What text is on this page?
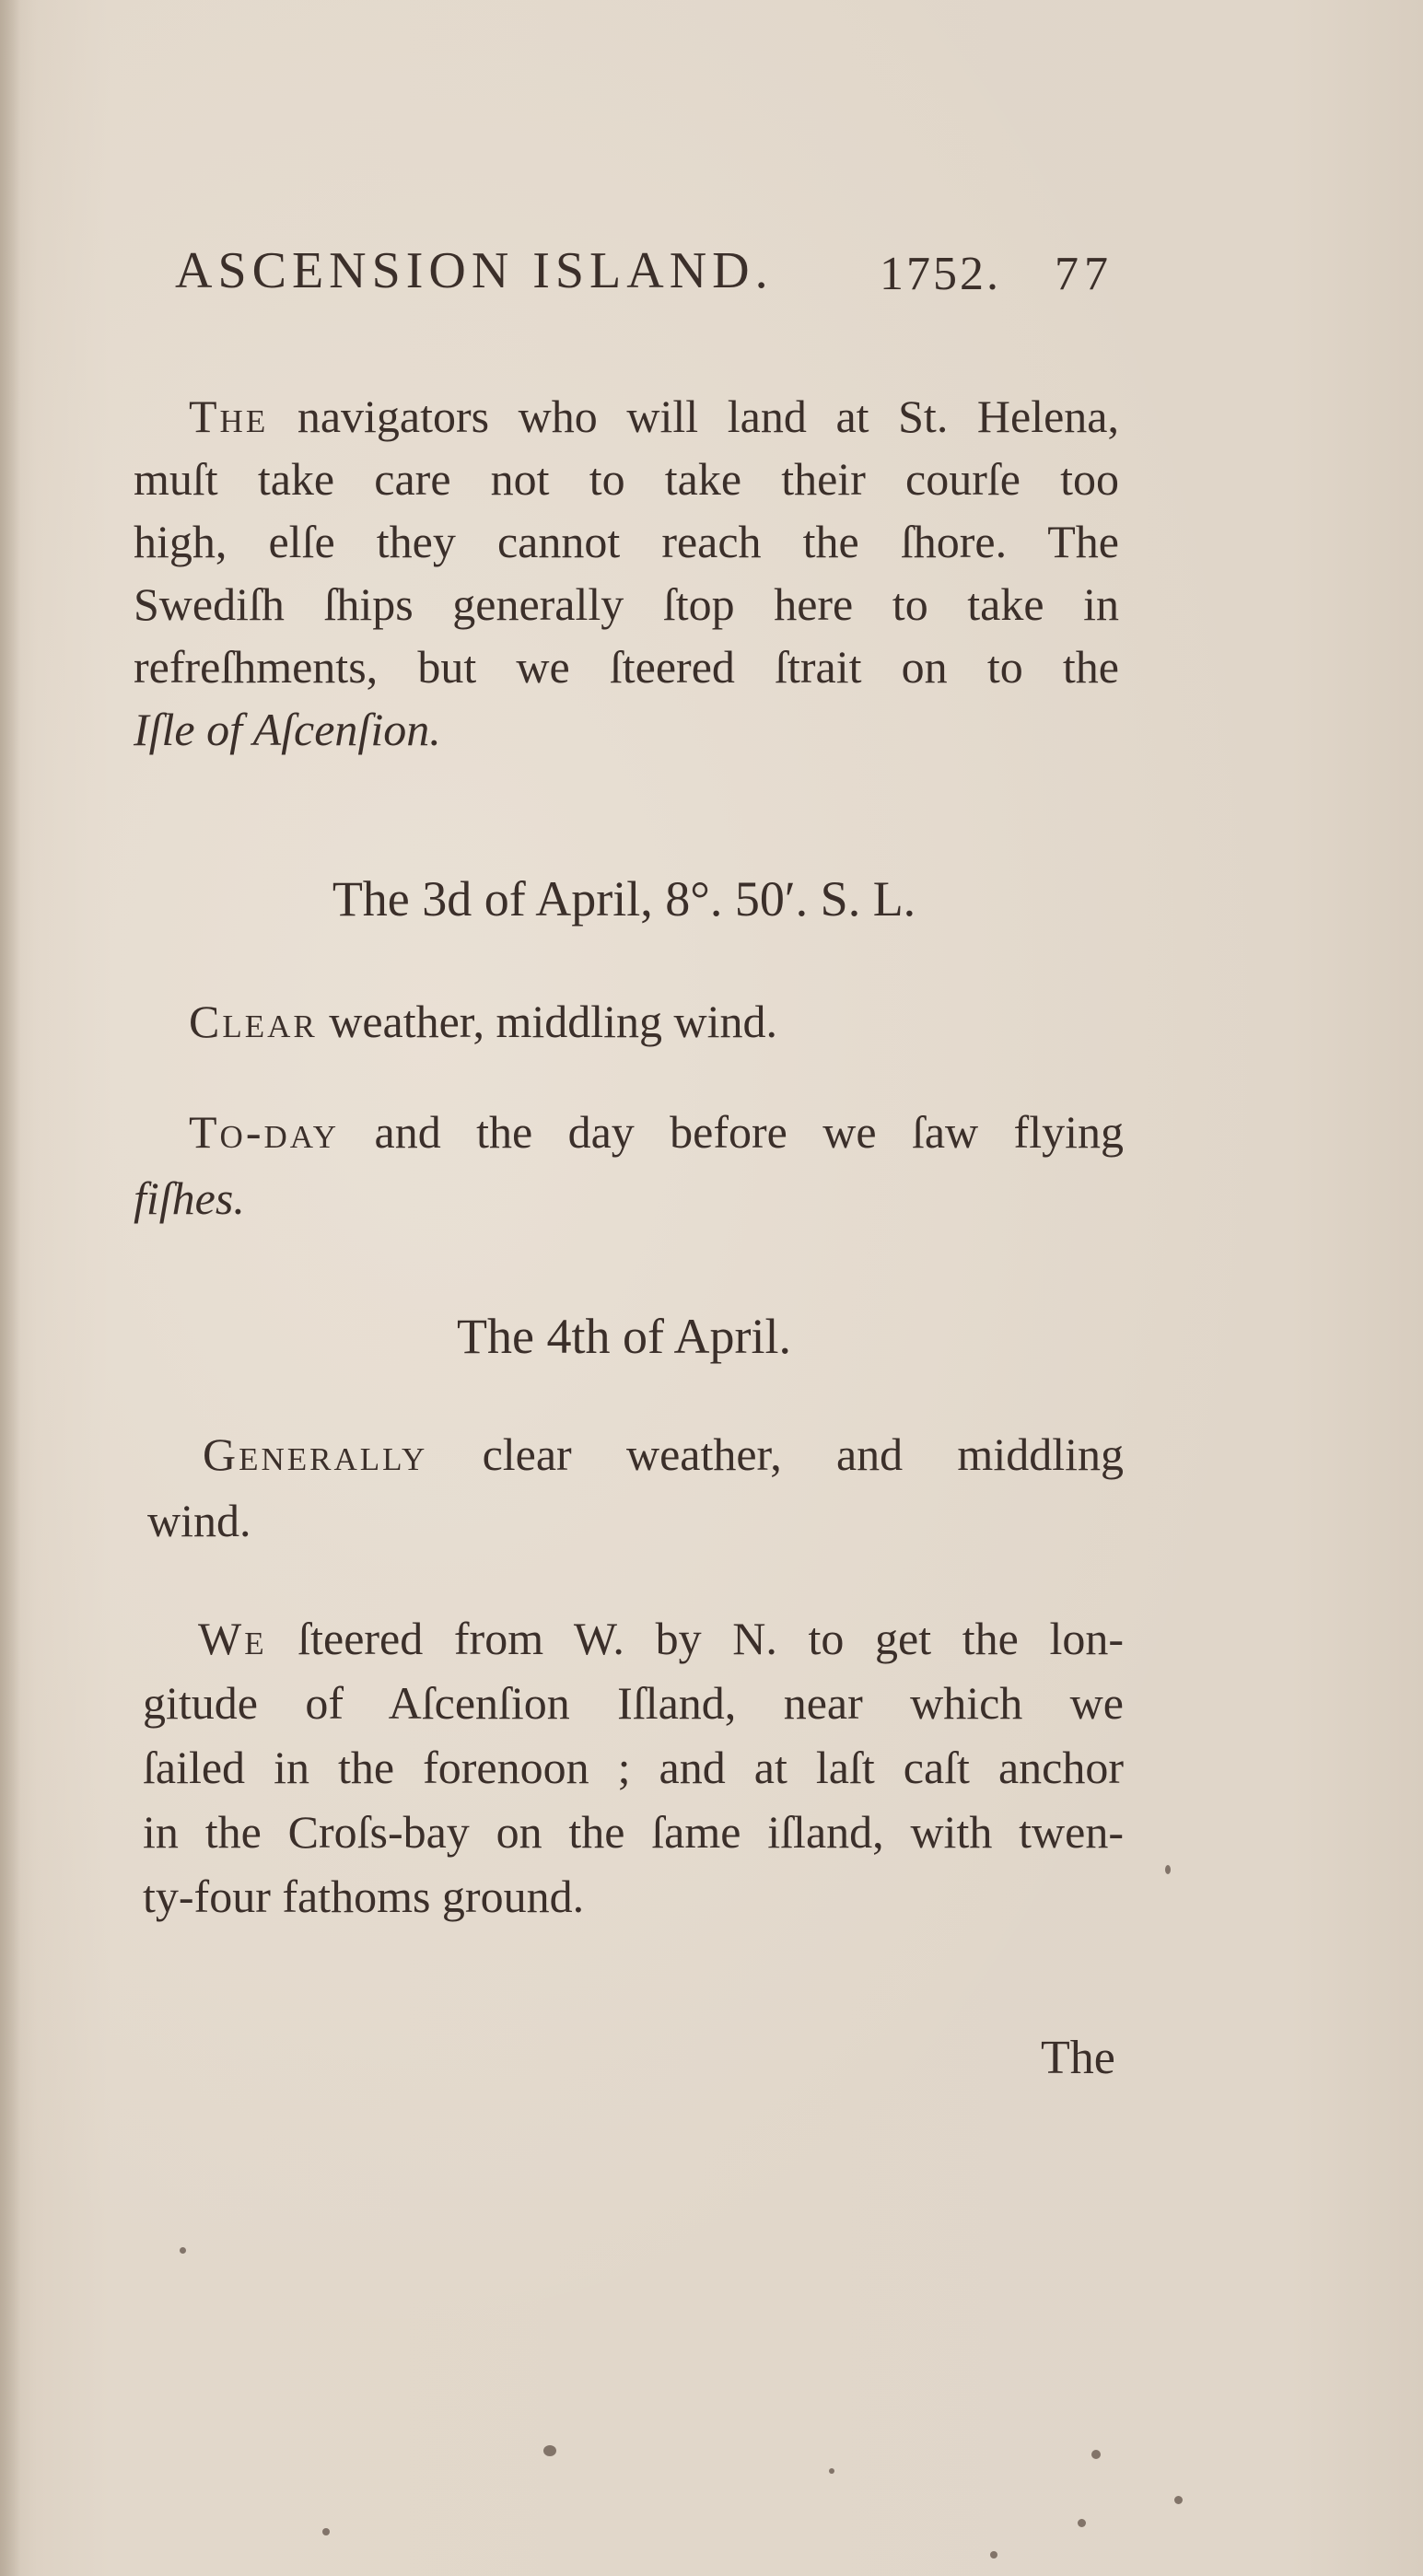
ASCENSION ISLAND. 1752. 77
The navigators who will land at St. Helena,
muſt take care not to take their courſe too
high, elſe they cannot reach the ſhore. The
Swediſh ſhips generally ſtop here to take in
refreſhments, but we ſteered ſtrait on to the
Iſle of Aſcenſion.
The 3d of April, 8°. 50′. S. L.
Clear weather, middling wind.
To-day and the day before we ſaw flying
fiſhes.
The 4th of April.
Generally clear weather, and middling
wind.
We ſteered from W. by N. to get the lon-
gitude of Aſcenſion Iſland, near which we
ſailed in the forenoon ; and at laſt caſt anchor
in the Croſs-bay on the ſame iſland, with twen-
ty-four fathoms ground.
The
